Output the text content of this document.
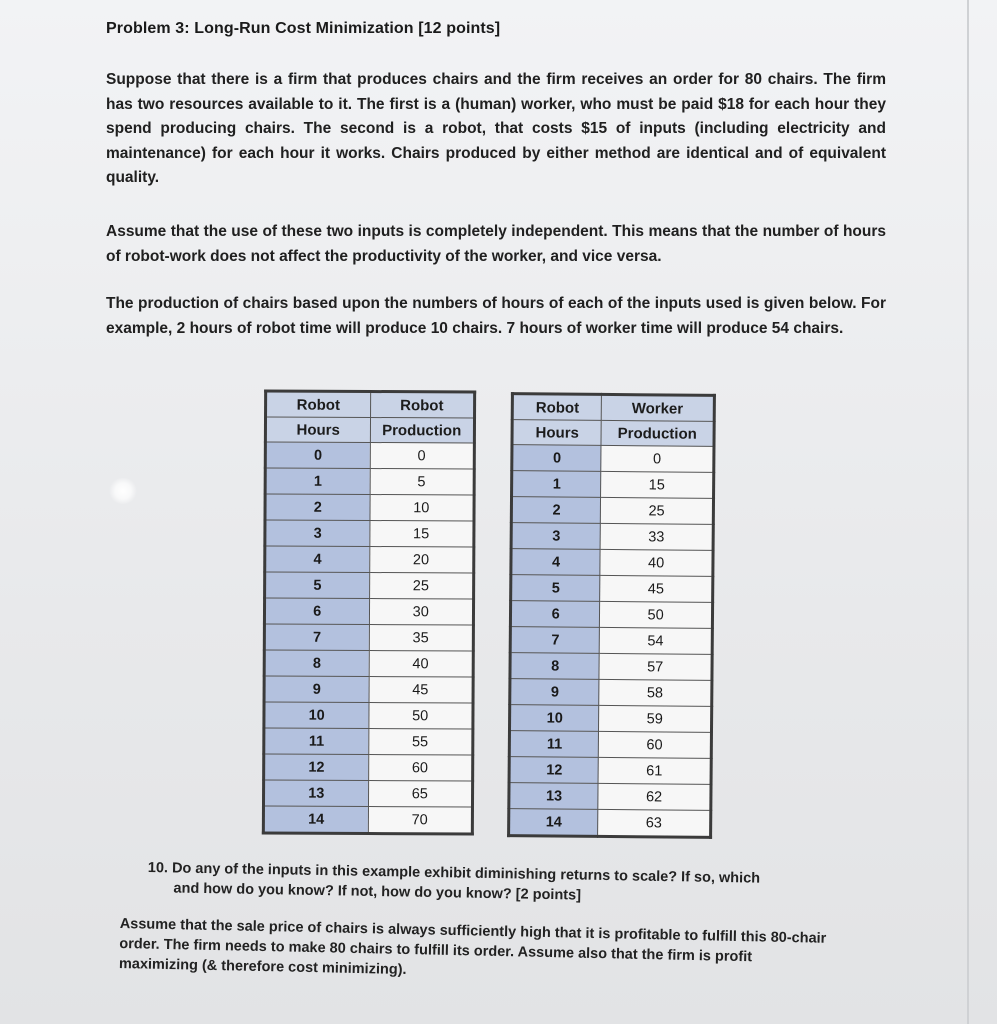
Problem 3: Long-Run Cost Minimization [12 points]
Suppose that there is a firm that produces chairs and the firm receives an order for 80 chairs. The firm has two resources available to it. The first is a (human) worker, who must be paid $18 for each hour they spend producing chairs. The second is a robot, that costs $15 of inputs (including electricity and maintenance) for each hour it works. Chairs produced by either method are identical and of equivalent quality.
Assume that the use of these two inputs is completely independent. This means that the number of hours of robot-work does not affect the productivity of the worker, and vice versa.
The production of chairs based upon the numbers of hours of each of the inputs used is given below. For example, 2 hours of robot time will produce 10 chairs. 7 hours of worker time will produce 54 chairs.
Robot	Robot
Hours	Production
0	0
1	5
2	10
3	15
4	20
5	25
6	30
7	35
8	40
9	45
10	50
11	55
12	60
13	65
14	70
Robot	Worker
Hours	Production
0	0
1	15
2	25
3	33
4	40
5	45
6	50
7	54
8	57
9	58
10	59
11	60
12	61
13	62
14	63
10. Do any of the inputs in this example exhibit diminishing returns to scale? If so, which
and how do you know? If not, how do you know? [2 points]
Assume that the sale price of chairs is always sufficiently high that it is profitable to fulfill this 80-chair order. The firm needs to make 80 chairs to fulfill its order. Assume also that the firm is profit maximizing (& therefore cost minimizing).
